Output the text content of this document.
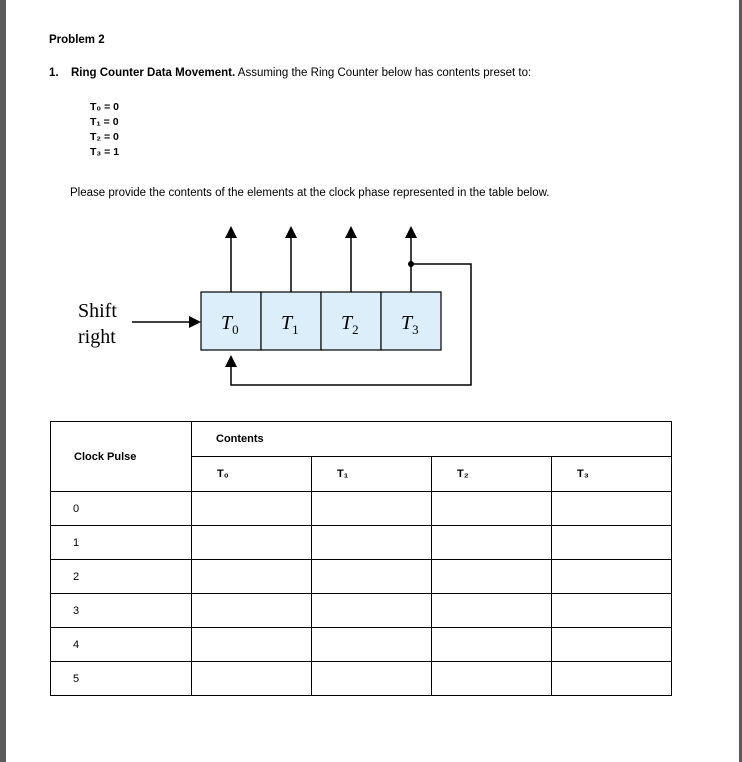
Problem 2
1. Ring Counter Data Movement. Assuming the Ring Counter below has contents preset to:
T₀ = 0
T₁ = 0
T₂ = 0
T₃ = 1
Please provide the contents of the elements at the clock phase represented in the table below.
Shift
right
$T_0$ $T_1$ $T_2$ $T_3$
Clock Pulse	Contents			
	T₀	T₁	T₂	T₃
0				
1				
2				
3				
4				
5				
